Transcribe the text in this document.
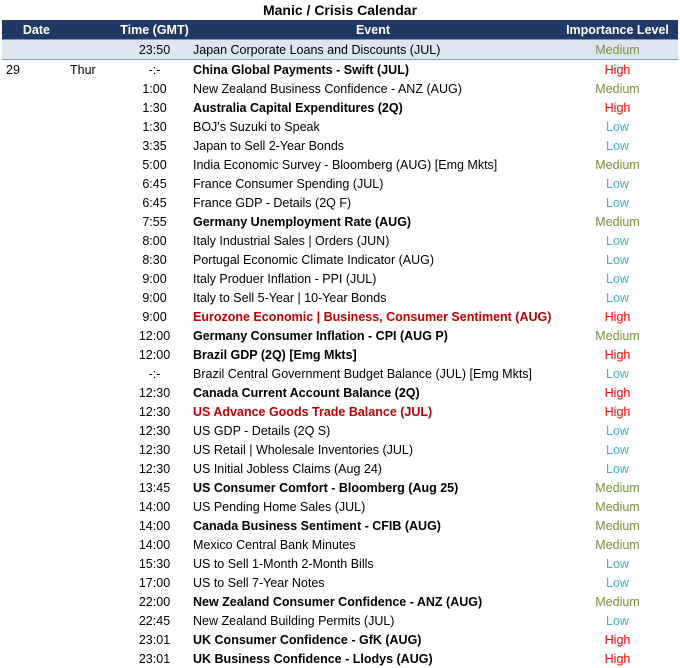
Manic / Crisis Calendar
Date		Time (GMT)	Event	Importance Level
		23:50	Japan Corporate Loans and Discounts (JUL)	Medium
29	Thur	-:-	China Global Payments - Swift (JUL)	High
		1:00	New Zealand Business Confidence - ANZ (AUG)	Medium
		1:30	Australia Capital Expenditures (2Q)	High
		1:30	BOJ's Suzuki to Speak	Low
		3:35	Japan to Sell 2-Year Bonds	Low
		5:00	India Economic Survey - Bloomberg (AUG) [Emg Mkts]	Medium
		6:45	France Consumer Spending (JUL)	Low
		6:45	France GDP - Details (2Q F)	Low
		7:55	Germany Unemployment Rate (AUG)	Medium
		8:00	Italy Industrial Sales | Orders (JUN)	Low
		8:30	Portugal Economic Climate Indicator (AUG)	Low
		9:00	Italy Produer Inflation - PPI (JUL)	Low
		9:00	Italy to Sell 5-Year | 10-Year Bonds	Low
		9:00	Eurozone Economic | Business, Consumer Sentiment (AUG)	High
		12:00	Germany Consumer Inflation - CPI (AUG P)	Medium
		12:00	Brazil GDP (2Q) [Emg Mkts]	High
		-:-	Brazil Central Government Budget Balance (JUL) [Emg Mkts]	Low
		12:30	Canada Current Account Balance (2Q)	High
		12:30	US Advance Goods Trade Balance (JUL)	High
		12:30	US GDP - Details (2Q S)	Low
		12:30	US Retail | Wholesale Inventories (JUL)	Low
		12:30	US Initial Jobless Claims (Aug 24)	Low
		13:45	US Consumer Comfort - Bloomberg (Aug 25)	Medium
		14:00	US Pending Home Sales (JUL)	Medium
		14:00	Canada Business Sentiment - CFIB (AUG)	Medium
		14:00	Mexico Central Bank Minutes	Medium
		15:30	US to Sell 1-Month 2-Month Bills	Low
		17:00	US to Sell 7-Year Notes	Low
		22:00	New Zealand Consumer Confidence - ANZ (AUG)	Medium
		22:45	New Zealand Building Permits (JUL)	Low
		23:01	UK Consumer Confidence - GfK (AUG)	High
		23:01	UK Business Confidence - Llodys (AUG)	High
